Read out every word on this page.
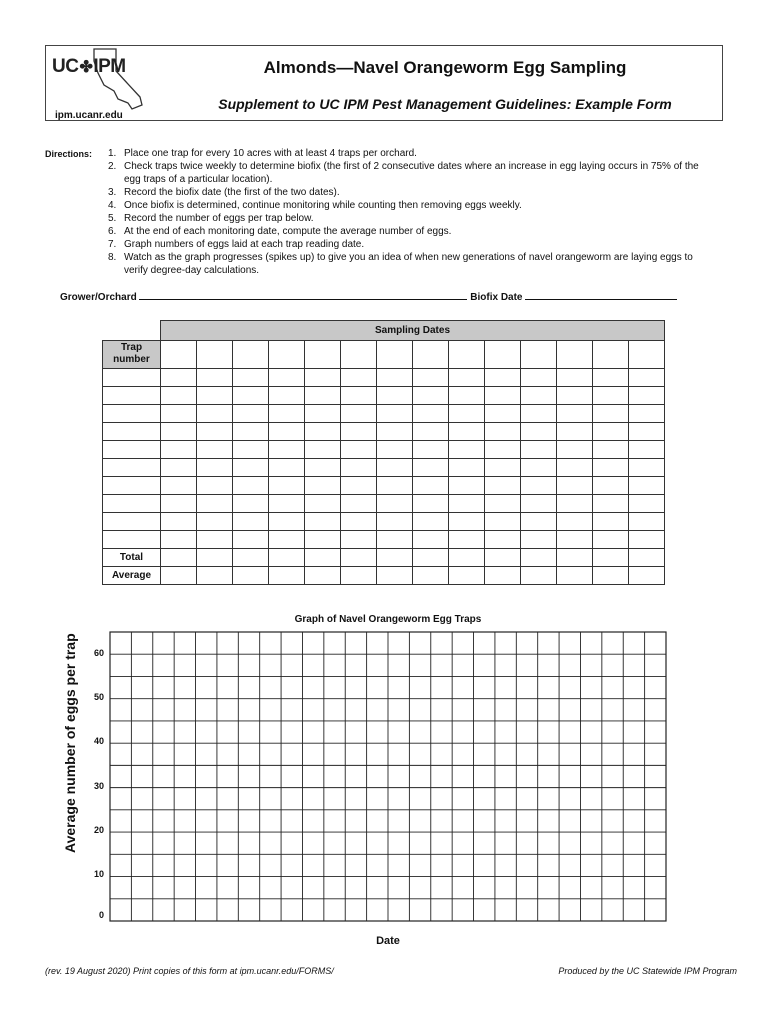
UC✤IPM
ipm.ucanr.edu
Almonds—Navel Orangeworm Egg Sampling
Supplement to UC IPM Pest Management Guidelines: Example Form
Directions: 1. Place one trap for every 10 acres with at least 4 traps per orchard.
2. Check traps twice weekly to determine biofix (the first of 2 consecutive dates where an increase in egg laying occurs in 75% of the egg traps of a particular location).
3. Record the biofix date (the first of the two dates).
4. Once biofix is determined, continue monitoring while counting then removing eggs weekly.
5. Record the number of eggs per trap below.
6. At the end of each monitoring date, compute the average number of eggs.
7. Graph numbers of eggs laid at each trap reading date.
8. Watch as the graph progresses (spikes up) to give you an idea of when new generations of navel orangeworm are laying eggs to verify degree-day calculations.
Grower/Orchard	Biofix Date
	Sampling Dates													
Trap number														

Total														
Average														
Graph of Navel Orangeworm Egg Traps
0
10
20
30
40
50
60
Average number of eggs per trap
Date
(rev. 19 August 2020) Print copies of this form at ipm.ucanr.edu/FORMS/	Produced by the UC Statewide IPM Program
